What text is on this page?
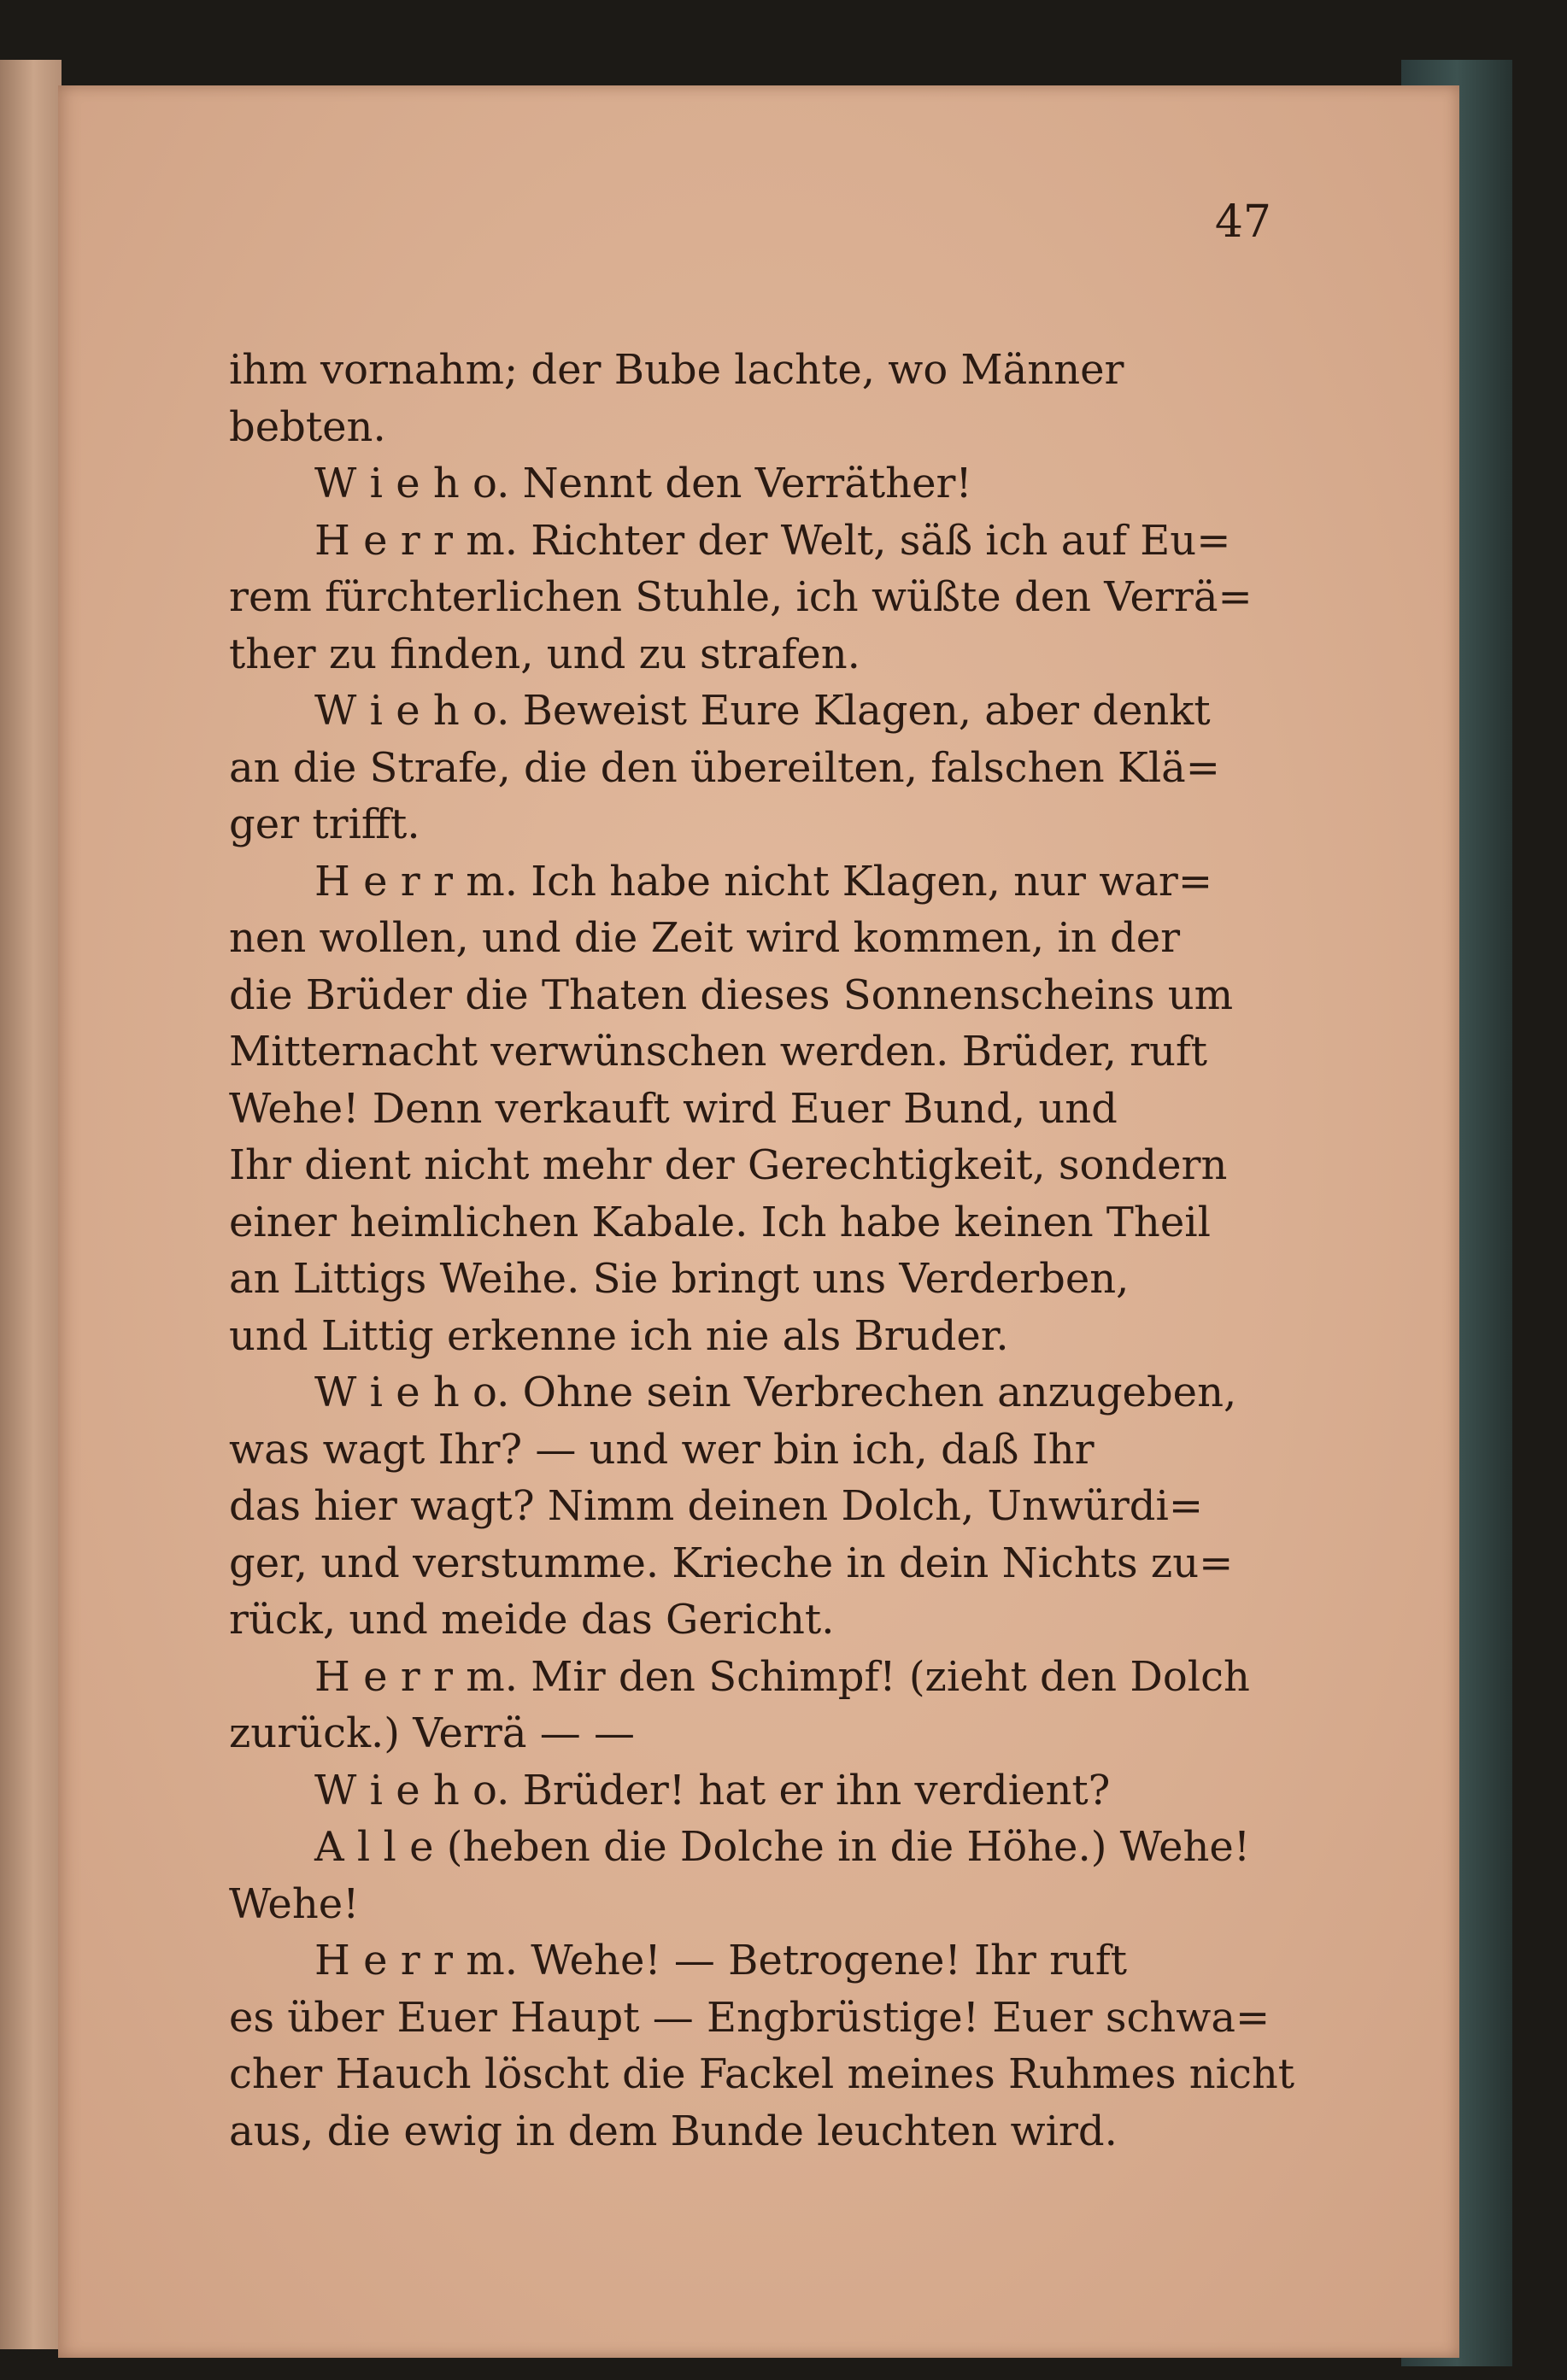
47
ihm vornahm; der Bube lachte, wo Männer
bebten.
W i e h o. Nennt den Verräther!
H e r r m. Richter der Welt, säß ich auf Eu=
rem fürchterlichen Stuhle, ich wüßte den Verrä=
ther zu finden, und zu strafen.
W i e h o. Beweist Eure Klagen, aber denkt
an die Strafe, die den übereilten, falschen Klä=
ger trifft.
H e r r m. Ich habe nicht Klagen, nur war=
nen wollen, und die Zeit wird kommen, in der
die Brüder die Thaten dieses Sonnenscheins um
Mitternacht verwünschen werden. Brüder, ruft
Wehe! Denn verkauft wird Euer Bund, und
Ihr dient nicht mehr der Gerechtigkeit, sondern
einer heimlichen Kabale. Ich habe keinen Theil
an Littigs Weihe. Sie bringt uns Verderben,
und Littig erkenne ich nie als Bruder.
W i e h o. Ohne sein Verbrechen anzugeben,
was wagt Ihr? — und wer bin ich, daß Ihr
das hier wagt? Nimm deinen Dolch, Unwürdi=
ger, und verstumme. Krieche in dein Nichts zu=
rück, und meide das Gericht.
H e r r m. Mir den Schimpf! (zieht den Dolch
zurück.) Verrä — —
W i e h o. Brüder! hat er ihn verdient?
A l l e (heben die Dolche in die Höhe.) Wehe!
Wehe!
H e r r m. Wehe! — Betrogene! Ihr ruft
es über Euer Haupt — Engbrüstige! Euer schwa=
cher Hauch löscht die Fackel meines Ruhmes nicht
aus, die ewig in dem Bunde leuchten wird.
